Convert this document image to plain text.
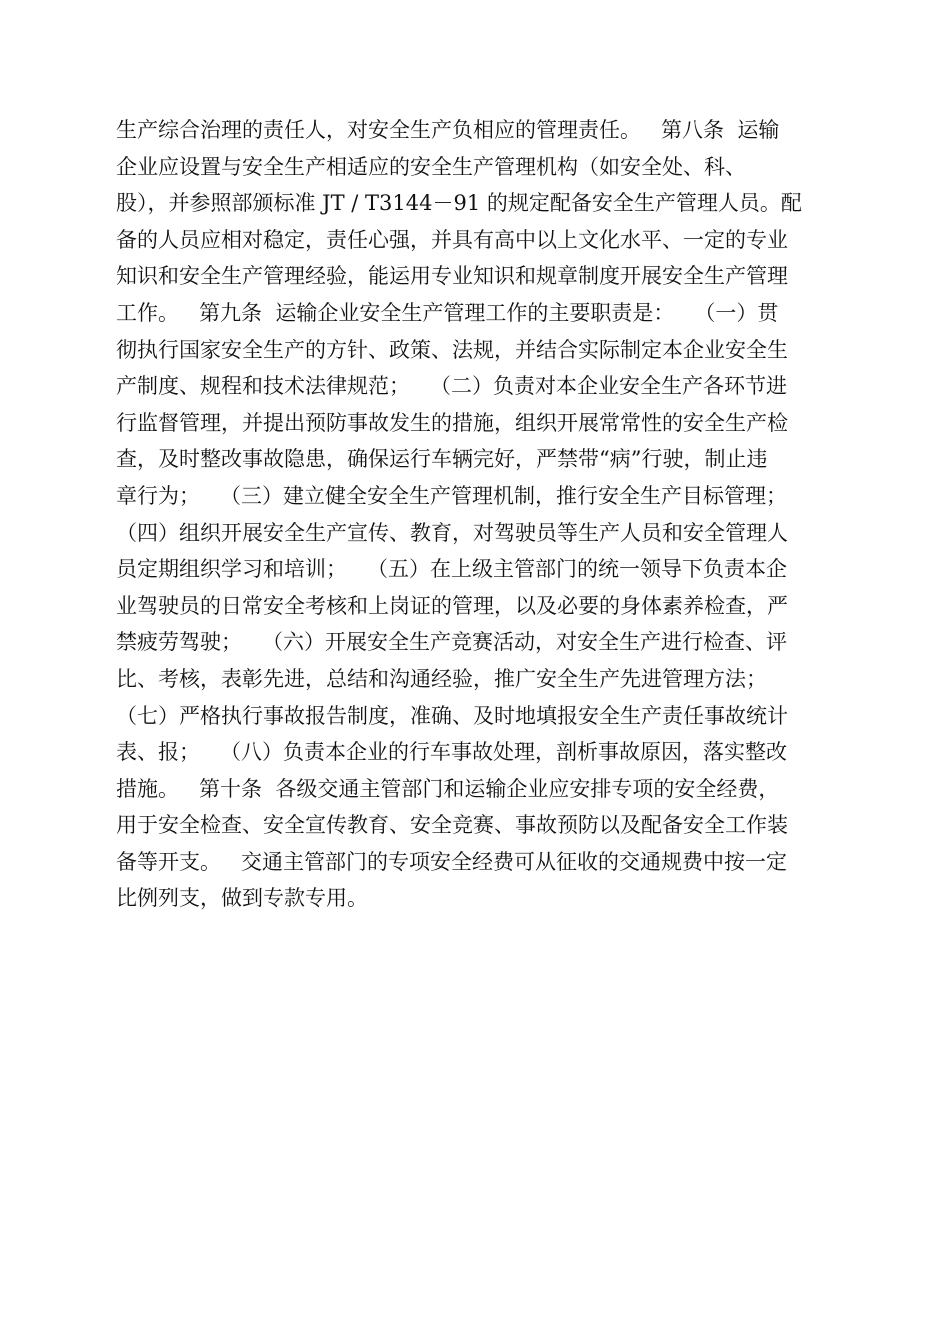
生产综合治理的责任人，对安全生产负相应的管理责任。   第八条  运输
企业应设置与安全生产相适应的安全生产管理机构（如安全处、科、
股），并参照部颁标准 JT / T3144－91 的规定配备安全生产管理人员。配
备的人员应相对稳定，责任心强，并具有高中以上文化水平、一定的专业
知识和安全生产管理经验，能运用专业知识和规章制度开展安全生产管理
工作。   第九条  运输企业安全生产管理工作的主要职责是：   （一）贯
彻执行国家安全生产的方针、政策、法规，并结合实际制定本企业安全生
产制度、规程和技术法律规范；   （二）负责对本企业安全生产各环节进
行监督管理，并提出预防事故发生的措施，组织开展常常性的安全生产检
查，及时整改事故隐患，确保运行车辆完好，严禁带“病”行驶，制止违
章行为；   （三）建立健全安全生产管理机制，推行安全生产目标管理；
（四）组织开展安全生产宣传、教育，对驾驶员等生产人员和安全管理人
员定期组织学习和培训；   （五）在上级主管部门的统一领导下负责本企
业驾驶员的日常安全考核和上岗证的管理，以及必要的身体素养检查，严
禁疲劳驾驶；   （六）开展安全生产竞赛活动，对安全生产进行检查、评
比、考核，表彰先进，总结和沟通经验，推广安全生产先进管理方法；
（七）严格执行事故报告制度，准确、及时地填报安全生产责任事故统计
表、报；   （八）负责本企业的行车事故处理，剖析事故原因，落实整改
措施。   第十条  各级交通主管部门和运输企业应安排专项的安全经费，
用于安全检查、安全宣传教育、安全竞赛、事故预防以及配备安全工作装
备等开支。   交通主管部门的专项安全经费可从征收的交通规费中按一定
比例列支，做到专款专用。
